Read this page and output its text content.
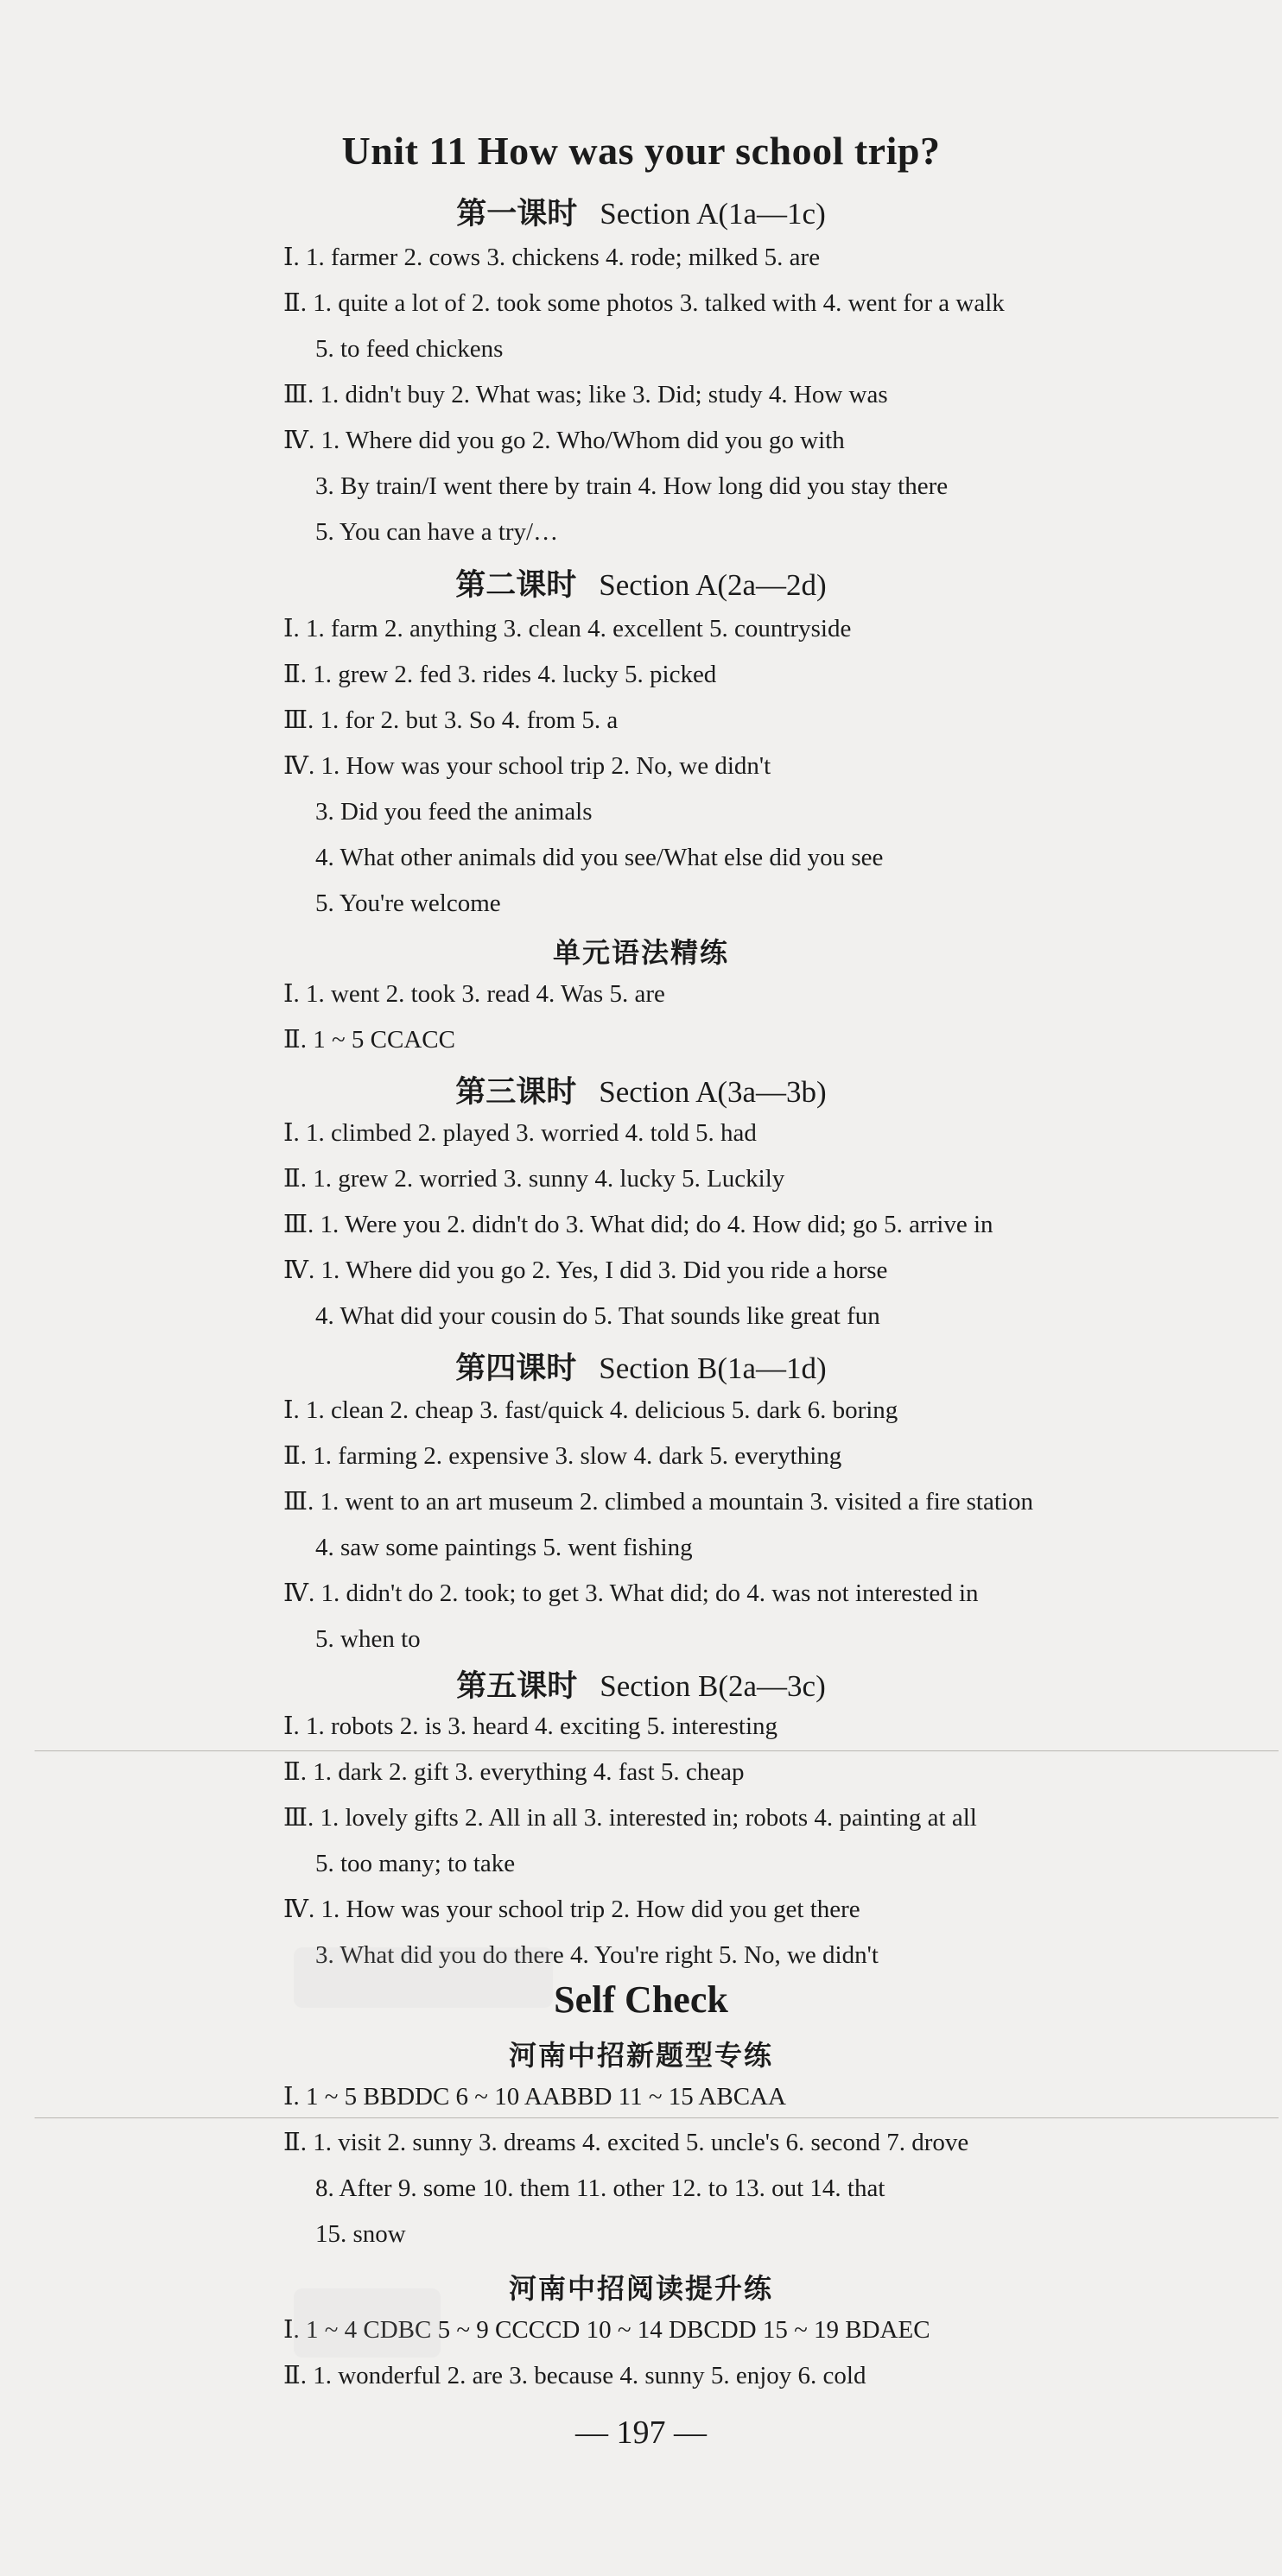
Unit 11 How was your school trip?
第一课时 Section A(1a—1c)
Ⅰ. 1. farmer 2. cows 3. chickens 4. rode; milked 5. are
Ⅱ. 1. quite a lot of 2. took some photos 3. talked with 4. went for a walk
5. to feed chickens
Ⅲ. 1. didn't buy 2. What was; like 3. Did; study 4. How was
Ⅳ. 1. Where did you go 2. Who/Whom did you go with
3. By train/I went there by train 4. How long did you stay there
5. You can have a try/…
第二课时 Section A(2a—2d)
Ⅰ. 1. farm 2. anything 3. clean 4. excellent 5. countryside
Ⅱ. 1. grew 2. fed 3. rides 4. lucky 5. picked
Ⅲ. 1. for 2. but 3. So 4. from 5. a
Ⅳ. 1. How was your school trip 2. No, we didn't
3. Did you feed the animals
4. What other animals did you see/What else did you see
5. You're welcome
单元语法精练
Ⅰ. 1. went 2. took 3. read 4. Was 5. are
Ⅱ. 1 ~ 5 CCACC
第三课时 Section A(3a—3b)
Ⅰ. 1. climbed 2. played 3. worried 4. told 5. had
Ⅱ. 1. grew 2. worried 3. sunny 4. lucky 5. Luckily
Ⅲ. 1. Were you 2. didn't do 3. What did; do 4. How did; go 5. arrive in
Ⅳ. 1. Where did you go 2. Yes, I did 3. Did you ride a horse
4. What did your cousin do 5. That sounds like great fun
第四课时 Section B(1a—1d)
Ⅰ. 1. clean 2. cheap 3. fast/quick 4. delicious 5. dark 6. boring
Ⅱ. 1. farming 2. expensive 3. slow 4. dark 5. everything
Ⅲ. 1. went to an art museum 2. climbed a mountain 3. visited a fire station
4. saw some paintings 5. went fishing
Ⅳ. 1. didn't do 2. took; to get 3. What did; do 4. was not interested in
5. when to
第五课时 Section B(2a—3c)
Ⅰ. 1. robots 2. is 3. heard 4. exciting 5. interesting
Ⅱ. 1. dark 2. gift 3. everything 4. fast 5. cheap
Ⅲ. 1. lovely gifts 2. All in all 3. interested in; robots 4. painting at all
5. too many; to take
Ⅳ. 1. How was your school trip 2. How did you get there
3. What did you do there 4. You're right 5. No, we didn't
Self Check
河南中招新题型专练
Ⅰ. 1 ~ 5 BBDDC 6 ~ 10 AABBD 11 ~ 15 ABCAA
Ⅱ. 1. visit 2. sunny 3. dreams 4. excited 5. uncle's 6. second 7. drove
8. After 9. some 10. them 11. other 12. to 13. out 14. that
15. snow
河南中招阅读提升练
Ⅰ. 1 ~ 4 CDBC 5 ~ 9 CCCCD 10 ~ 14 DBCDD 15 ~ 19 BDAEC
Ⅱ. 1. wonderful 2. are 3. because 4. sunny 5. enjoy 6. cold
— 197 —
